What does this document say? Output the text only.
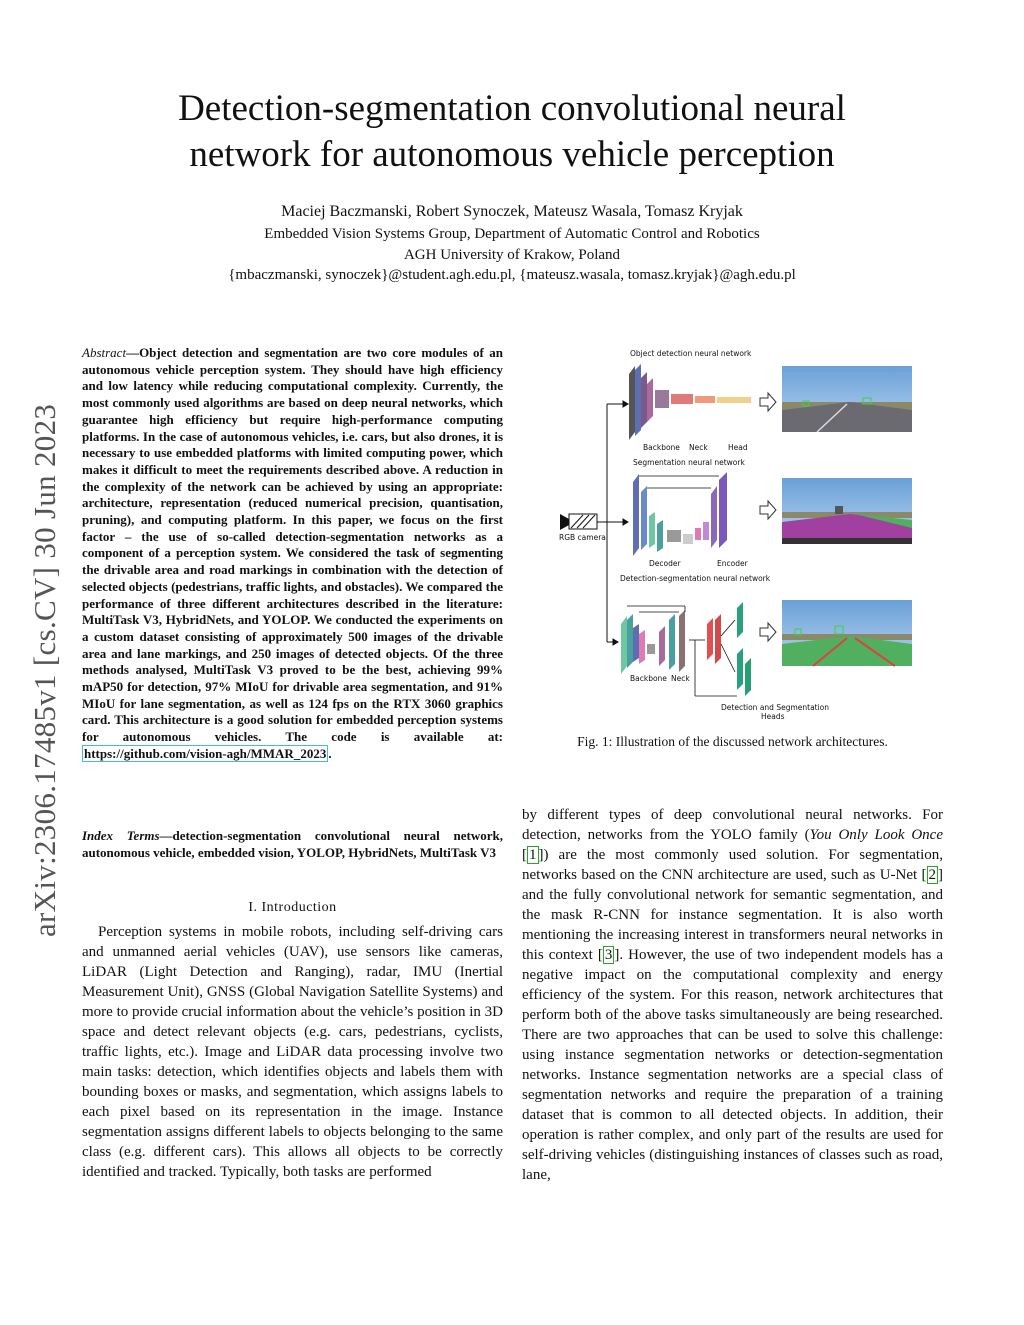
Detection-segmentation convolutional neural
network for autonomous vehicle perception
Maciej Baczmanski, Robert Synoczek, Mateusz Wasala, Tomasz Kryjak
Embedded Vision Systems Group, Department of Automatic Control and Robotics
AGH University of Krakow, Poland
{mbaczmanski, synoczek}@student.agh.edu.pl, {mateusz.wasala, tomasz.kryjak}@agh.edu.pl
arXiv:2306.17485v1 [cs.CV] 30 Jun 2023
Abstract—Object detection and segmentation are two core modules of an autonomous vehicle perception system. They should have high efficiency and low latency while reducing computational complexity. Currently, the most commonly used algorithms are based on deep neural networks, which guarantee high efficiency but require high-performance computing platforms. In the case of autonomous vehicles, i.e. cars, but also drones, it is necessary to use embedded platforms with limited computing power, which makes it difficult to meet the requirements described above. A reduction in the complexity of the network can be achieved by using an appropriate: architecture, representation (reduced numerical precision, quantisation, pruning), and computing platform. In this paper, we focus on the first factor – the use of so-called detection-segmentation networks as a component of a perception system. We considered the task of segmenting the drivable area and road markings in combination with the detection of selected objects (pedestrians, traffic lights, and obstacles). We compared the performance of three different architectures described in the literature: MultiTask V3, HybridNets, and YOLOP. We conducted the experiments on a custom dataset consisting of approximately 500 images of the drivable area and lane markings, and 250 images of detected objects. Of the three methods analysed, MultiTask V3 proved to be the best, achieving 99% mAP50 for detection, 97% MIoU for drivable area segmentation, and 91% MIoU for lane segmentation, as well as 124 fps on the RTX 3060 graphics card. This architecture is a good solution for embedded perception systems for autonomous vehicles. The code is available at: https://github.com/vision-agh/MMAR_2023 .
Index Terms—detection-segmentation convolutional neural network, autonomous vehicle, embedded vision, YOLOP, HybridNets, MultiTask V3
I. Introduction
Perception systems in mobile robots, including self-driving cars and unmanned aerial vehicles (UAV), use sensors like cameras, LiDAR (Light Detection and Ranging), radar, IMU (Inertial Measurement Unit), GNSS (Global Navigation Satellite Systems) and more to provide crucial information about the vehicle’s position in 3D space and detect relevant objects (e.g. cars, pedestrians, cyclists, traffic lights, etc.). Image and LiDAR data processing involve two main tasks: detection, which identifies objects and labels them with bounding boxes or masks, and segmentation, which assigns labels to each pixel based on its representation in the image. Instance segmentation assigns different labels to objects belonging to the same class (e.g. different cars). This allows all objects to be correctly identified and tracked. Typically, both tasks are performed
by different types of deep convolutional neural networks. For detection, networks from the YOLO family (You Only Look Once [ 1 ]) are the most commonly used solution. For segmentation, networks based on the CNN architecture are used, such as U-Net [ 2 ] and the fully convolutional network for semantic segmentation, and the mask R-CNN for instance segmentation. It is also worth mentioning the increasing interest in transformers neural networks in this context [ 3 ]. However, the use of two independent models has a negative impact on the computational complexity and energy efficiency of the system. For this reason, network architectures that perform both of the above tasks simultaneously are being researched. There are two approaches that can be used to solve this challenge: using instance segmentation networks or detection-segmentation networks. Instance segmentation networks are a special class of segmentation networks and require the preparation of a training dataset that is common to all detected objects. In addition, their operation is rather complex, and only part of the results are used for self-driving vehicles (distinguishing instances of classes such as road, lane,
Object detection neural network
Segmentation neural network
Detection-segmentation neural network
RGB camera
Backbone Neck	Head
Decoder	Encoder
Backbone Neck
Detection and Segmentation
Heads
Fig. 1: Illustration of the discussed network architectures.
